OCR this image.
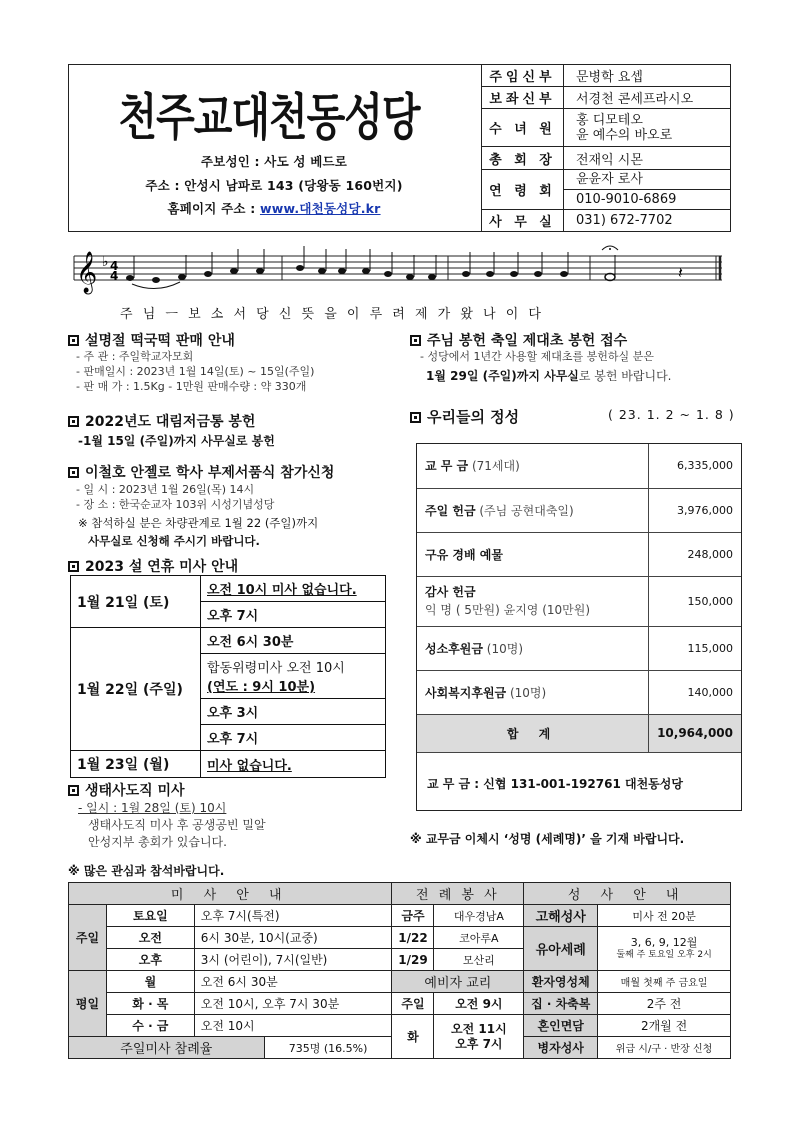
천주교대천동성당
주보성인 : 사도 성 베드로
주소 : 안성시 남파로 143 (당왕동 160번지)
홈페이지 주소 : www.대천동성당.kr
주임신부	문병학 요셉
보좌신부	서경천 콘세프라시오
수 녀 원	홍 디모테오
윤 예수의 바오로

총 회 장	전재익 시몬
연 령 회	윤윤자 로사
010-9010-6869

사 무 실	031) 672-7702
𝄞 ♭ 4
4	𝄽
주 님 ㅡ 보 소 서 당 신 뜻 을 이 루 려 제 가 왔 나 이 다
설명절 떡국떡 판매 안내
- 주 관 : 주일학교자모회
- 판매일시 : 2023년 1월 14일(토) ~ 15일(주일)
- 판 매 가 : 1.5Kg - 1만원 판매수량 : 약 330개
2022년도 대림저금통 봉헌
-1월 15일 (주일)까지 사무실로 봉헌
이철호 안젤로 학사 부제서품식 참가신청
- 일 시 : 2023년 1월 26일(목) 14시
- 장 소 : 한국순교자 103위 시성기념성당
※ 참석하실 분은 차량관계로 1월 22 (주일)까지
사무실로 신청해 주시기 바랍니다.
2023 설 연휴 미사 안내
1월 21일 (토)	오전 10시 미사 없습니다.
	오후 7시
1월 22일 (주일)	오전 6시 30분

	합동위령미사 오전 10시
(연도 : 9시 10분)

	오후 3시
	오후 7시
1월 23일 (월)	미사 없습니다.
생태사도직 미사
- 일시 : 1월 28일 (토) 10시
생태사도직 미사 후 공생공빈 밀알
안성지부 총회가 있습니다.
※ 많은 관심과 참석바랍니다.
주님 봉헌 축일 제대초 봉헌 접수
- 성당에서 1년간 사용할 제대초를 봉헌하실 분은
1월 29일 (주일)까지 사무실로 봉헌 바랍니다.
우리들의 정성	( 23. 1. 2 ~ 1. 8 )
교 무 금 (71세대)	6,335,000
주일 헌금 (주님 공현대축일)	3,976,000
구유 경배 예물	248,000

감사 헌금
익 명 ( 5만원) 윤지영 (10만원)	150,000
성소후원금 (10명)	115,000
사회복지후원금 (10명)	140,000
합 계	10,964,000
교 무 금 : 신협 131-001-192761 대천동성당
※ 교무금 이체시 ‘성명 (세례명)’ 을 기재 바랍니다.
미 사 안 내				전 례 봉 사		성 사 안 내	
주일	토요일	오후 7시(특전)		금주	대우경남A	고해성사	미사 전 20분
	오전	6시 30분, 10시(교중)		1/22	코아루A	유아세례	3, 6, 9, 12월
둘째 주 토요일 오후 2시

	오후	3시 (어린이), 7시(일반)		1/29	모산리		
평일	월	오전 6시 30분		예비자 교리		환자영성체	매월 첫째 주 금요일
	화 · 목	오전 10시, 오후 7시 30분		주일	오전 9시	집 · 차축복	2주 전
	수 · 금	오전 10시		화	오전 11시
오후 7시	혼인면담	2개월 전
주일미사 참례율			735명 (16.5%)			병자성사	위급 시/구 · 반장 신청
